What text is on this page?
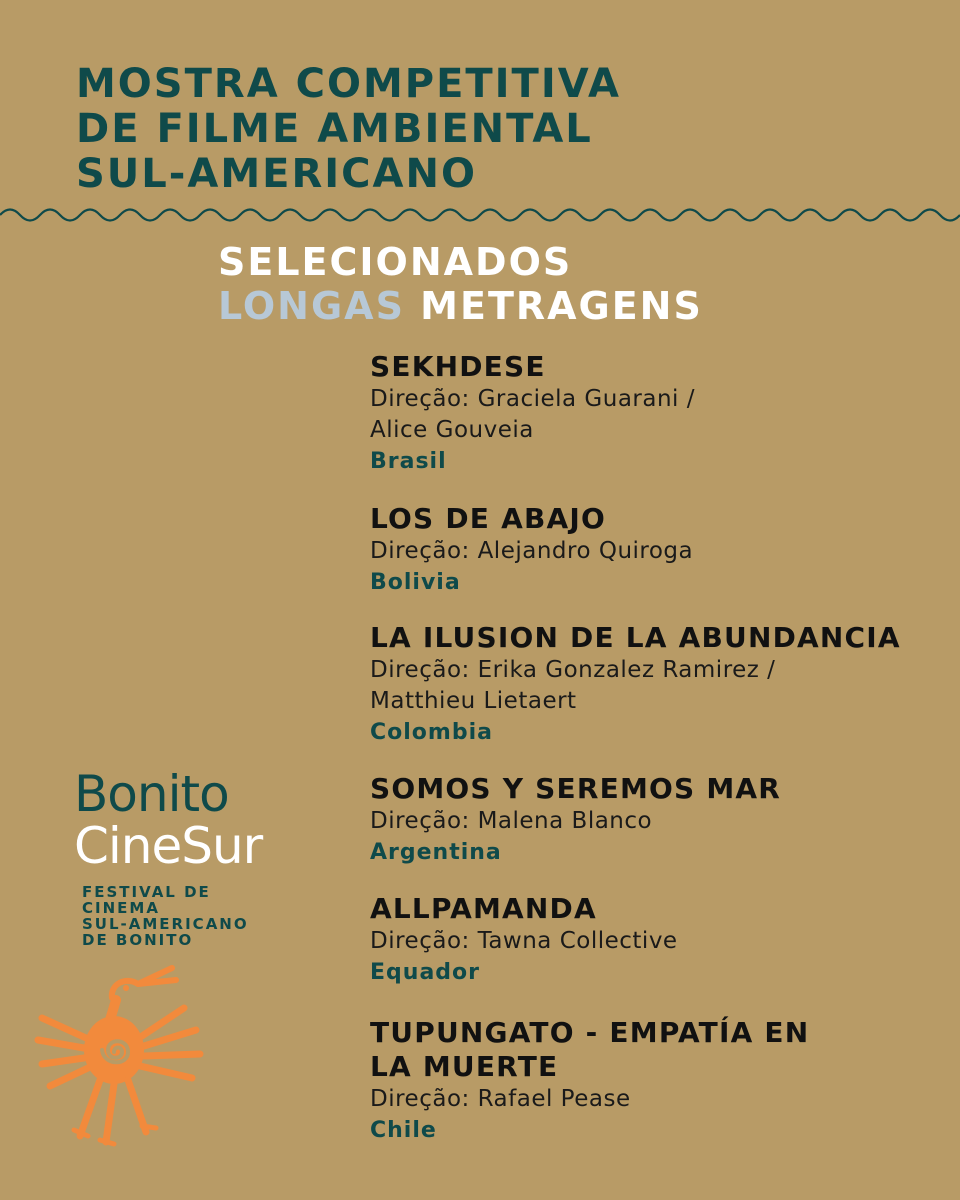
MOSTRA COMPETITIVA
DE FILME AMBIENTAL
SUL-AMERICANO
SELECIONADOS
LONGAS METRAGENS
SEKHDESE
Direção: Graciela Guarani /
Alice Gouveia
Brasil
LOS DE ABAJO
Direção: Alejandro Quiroga
Bolivia
LA ILUSION DE LA ABUNDANCIA
Direção: Erika Gonzalez Ramirez /
Matthieu Lietaert
Colombia
SOMOS Y SEREMOS MAR
Direção: Malena Blanco
Argentina
ALLPAMANDA
Direção: Tawna Collective
Equador
TUPUNGATO - EMPATÍA EN
LA MUERTE
Direção: Rafael Pease
Chile
Bonito
CineSur
FESTIVAL DE
CINEMA
SUL-AMERICANO
DE BONITO
